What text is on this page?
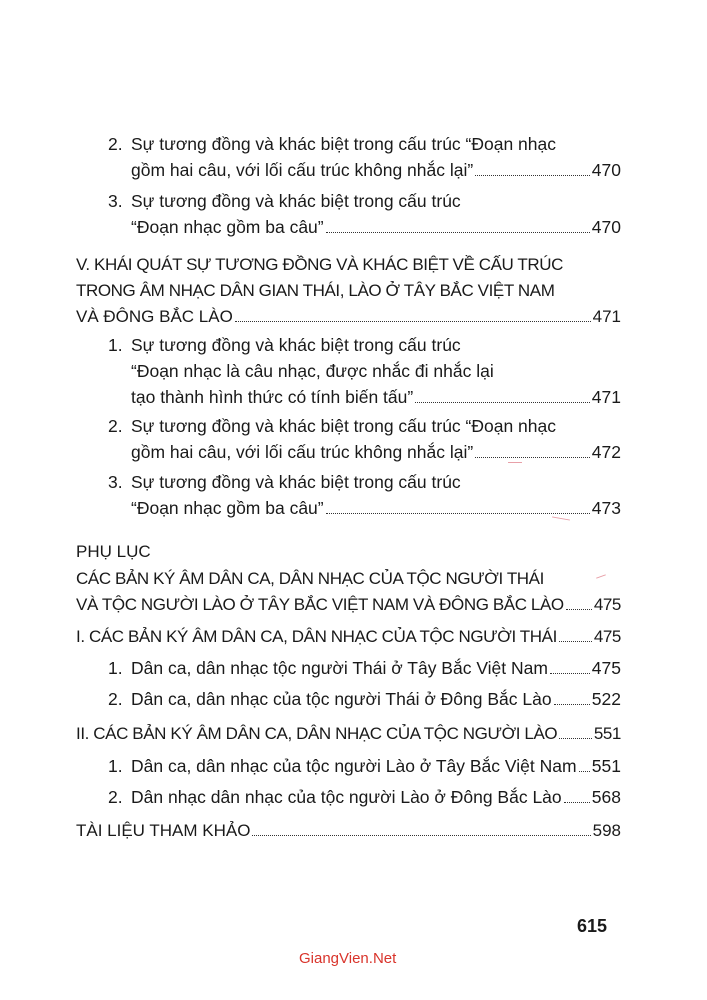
2. Sự tương đồng và khác biệt trong cấu trúc “Đoạn nhạc
gồm hai câu, với lối cấu trúc không nhắc lại”	470
3. Sự tương đồng và khác biệt trong cấu trúc
“Đoạn nhạc gồm ba câu”	470
V. KHÁI QUÁT SỰ TƯƠNG ĐỒNG VÀ KHÁC BIỆT VỀ CẤU TRÚC
TRONG ÂM NHẠC DÂN GIAN THÁI, LÀO Ở TÂY BẮC VIỆT NAM
VÀ ĐÔNG BẮC LÀO	471
1. Sự tương đồng và khác biệt trong cấu trúc
“Đoạn nhạc là câu nhạc, được nhắc đi nhắc lại
tạo thành hình thức có tính biến tấu”	471
2. Sự tương đồng và khác biệt trong cấu trúc “Đoạn nhạc
gồm hai câu, với lối cấu trúc không nhắc lại”	472
3. Sự tương đồng và khác biệt trong cấu trúc
“Đoạn nhạc gồm ba câu”	473
PHỤ LỤC
CÁC BẢN KÝ ÂM DÂN CA, DÂN NHẠC CỦA TỘC NGƯỜI THÁI
VÀ TỘC NGƯỜI LÀO Ở TÂY BẮC VIỆT NAM VÀ ĐÔNG BẮC LÀO 475
I. CÁC BẢN KÝ ÂM DÂN CA, DÂN NHẠC CỦA TỘC NGƯỜI THÁI 475
1. Dân ca, dân nhạc tộc người Thái ở Tây Bắc Việt Nam	475
2. Dân ca, dân nhạc của tộc người Thái ở Đông Bắc Lào 522
II. CÁC BẢN KÝ ÂM DÂN CA, DÂN NHẠC CỦA TỘC NGƯỜI LÀO 551
1. Dân ca, dân nhạc của tộc người Lào ở Tây Bắc Việt Nam 551
2. Dân nhạc dân nhạc của tộc người Lào ở Đông Bắc Lào 568
TÀI LIỆU THAM KHẢO	598
615
GiangVien.Net
